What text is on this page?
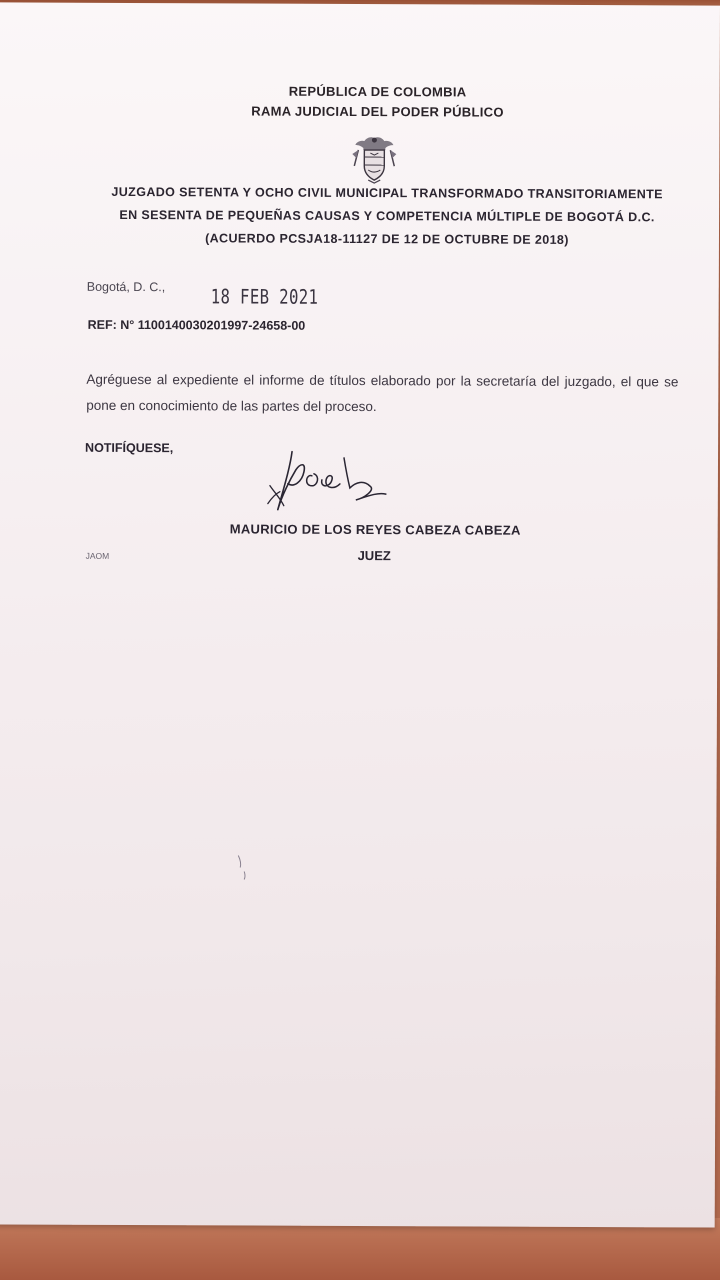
REPÚBLICA DE COLOMBIA
RAMA JUDICIAL DEL PODER PÚBLICO
JUZGADO SETENTA Y OCHO CIVIL MUNICIPAL TRANSFORMADO TRANSITORIAMENTE
EN SESENTA DE PEQUEÑAS CAUSAS Y COMPETENCIA MÚLTIPLE DE BOGOTÁ D.C.
(ACUERDO PCSJA18-11127 DE 12 DE OCTUBRE DE 2018)
Bogotá, D. C., 18 FEB 2021
REF: N° 1100140030201997-24658-00
Agréguese al expediente el informe de títulos elaborado por la secretaría del juzgado, el que se pone en conocimiento de las partes del proceso.
NOTIFÍQUESE,
MAURICIO DE LOS REYES CABEZA CABEZA
JAOM	JUEZ
